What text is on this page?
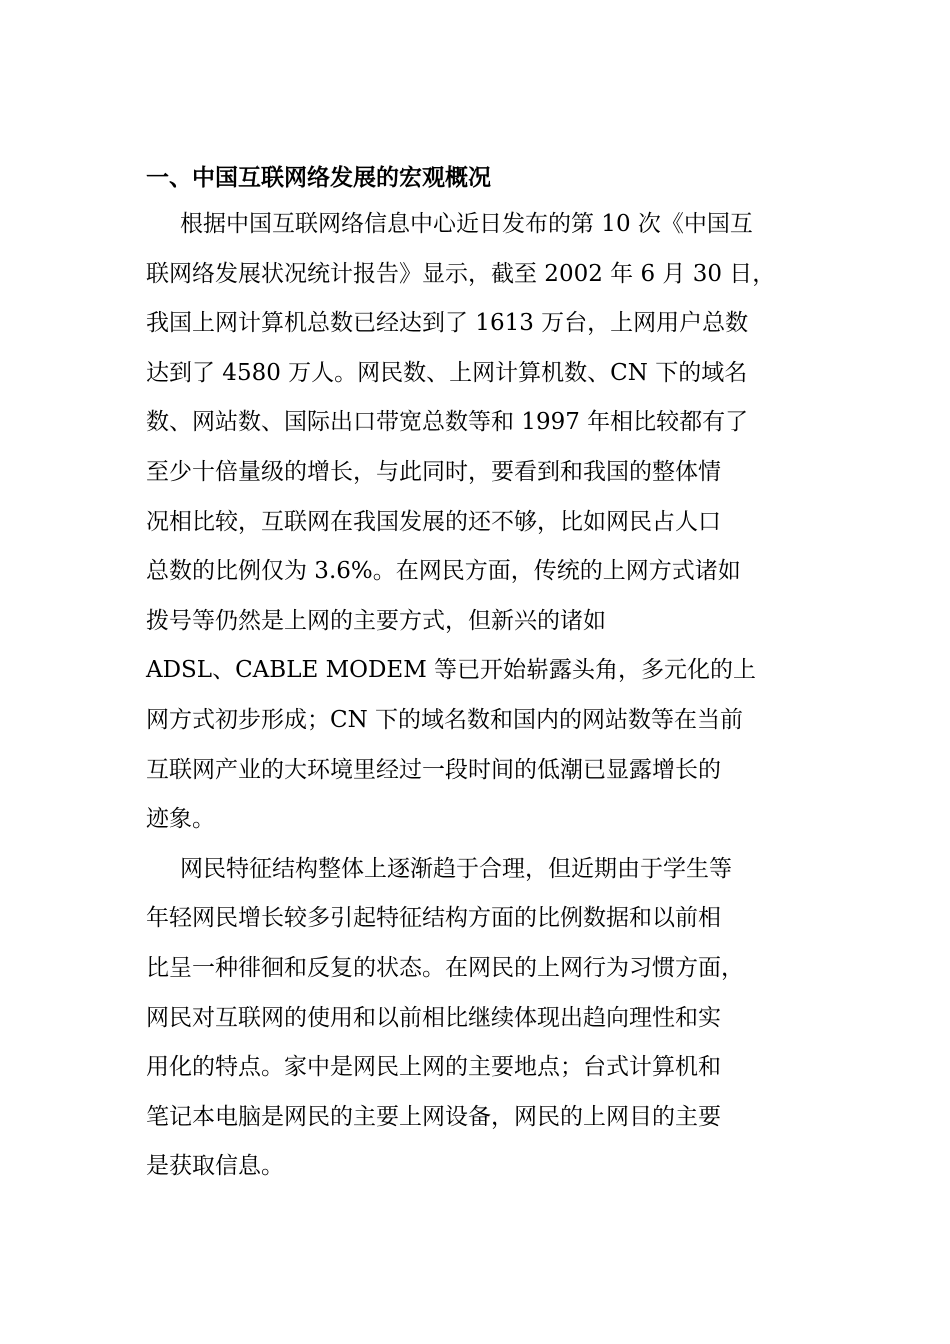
一、中国互联网络发展的宏观概况

根据中国互联网络信息中心近日发布的第 10 次《中国互
联网络发展状况统计报告》显示，截至 2002 年 6 月 30 日，
我国上网计算机总数已经达到了 1613 万台，上网用户总数
达到了 4580 万人。网民数、上网计算机数、CN 下的域名
数、网站数、国际出口带宽总数等和 1997 年相比较都有了
至少十倍量级的增长，与此同时，要看到和我国的整体情
况相比较，互联网在我国发展的还不够，比如网民占人口
总数的比例仅为 3.6%。在网民方面，传统的上网方式诸如
拨号等仍然是上网的主要方式，但新兴的诸如
ADSL、CABLE MODEM 等已开始崭露头角，多元化的上
网方式初步形成；CN 下的域名数和国内的网站数等在当前
互联网产业的大环境里经过一段时间的低潮已显露增长的
迹象。

网民特征结构整体上逐渐趋于合理，但近期由于学生等
年轻网民增长较多引起特征结构方面的比例数据和以前相
比呈一种徘徊和反复的状态。在网民的上网行为习惯方面，
网民对互联网的使用和以前相比继续体现出趋向理性和实
用化的特点。家中是网民上网的主要地点；台式计算机和
笔记本电脑是网民的主要上网设备，网民的上网目的主要
是获取信息。
